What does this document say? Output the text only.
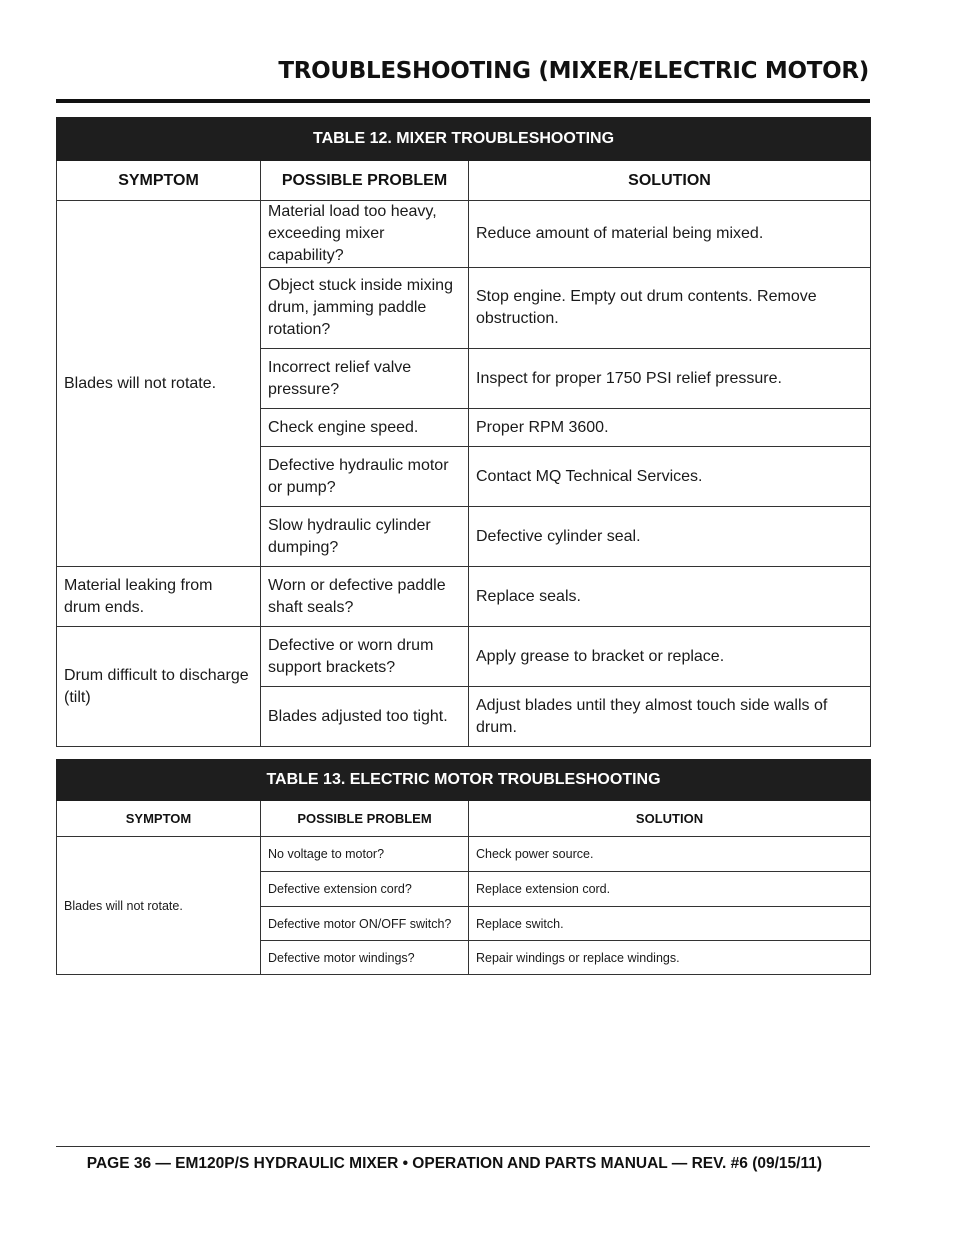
TROUBLESHOOTING (MIXER/ELECTRIC MOTOR)
TABLE 12. MIXER TROUBLESHOOTING		
SYMPTOM	POSSIBLE PROBLEM	SOLUTION
Blades will not rotate.	Material load too heavy, exceeding mixer capability?	Reduce amount of material being mixed.
	Object stuck inside mixing drum, jamming paddle rotation?	Stop engine. Empty out drum contents. Remove obstruction.
	Incorrect relief valve pressure?	Inspect for proper 1750 PSI relief pressure.
	Check engine speed.	Proper RPM 3600.
	Defective hydraulic motor or pump?	Contact MQ Technical Services.
	Slow hydraulic cylinder dumping?	Defective cylinder seal.
Material leaking from drum ends.	Worn or defective paddle shaft seals?	Replace seals.
Drum difficult to discharge (tilt)	Defective or worn drum support brackets?	Apply grease to bracket or replace.
	Blades adjusted too tight.	Adjust blades until they almost touch side walls of drum.
TABLE 13. ELECTRIC MOTOR TROUBLESHOOTING		
SYMPTOM	POSSIBLE PROBLEM	SOLUTION
Blades will not rotate.	No voltage to motor?	Check power source.
	Defective extension cord?	Replace extension cord.
	Defective motor ON/OFF switch?	Replace switch.
	Defective motor windings?	Repair windings or replace windings.
PAGE 36 — EM120P/S HYDRAULIC MIXER • OPERATION AND PARTS MANUAL — REV. #6 (09/15/11)
